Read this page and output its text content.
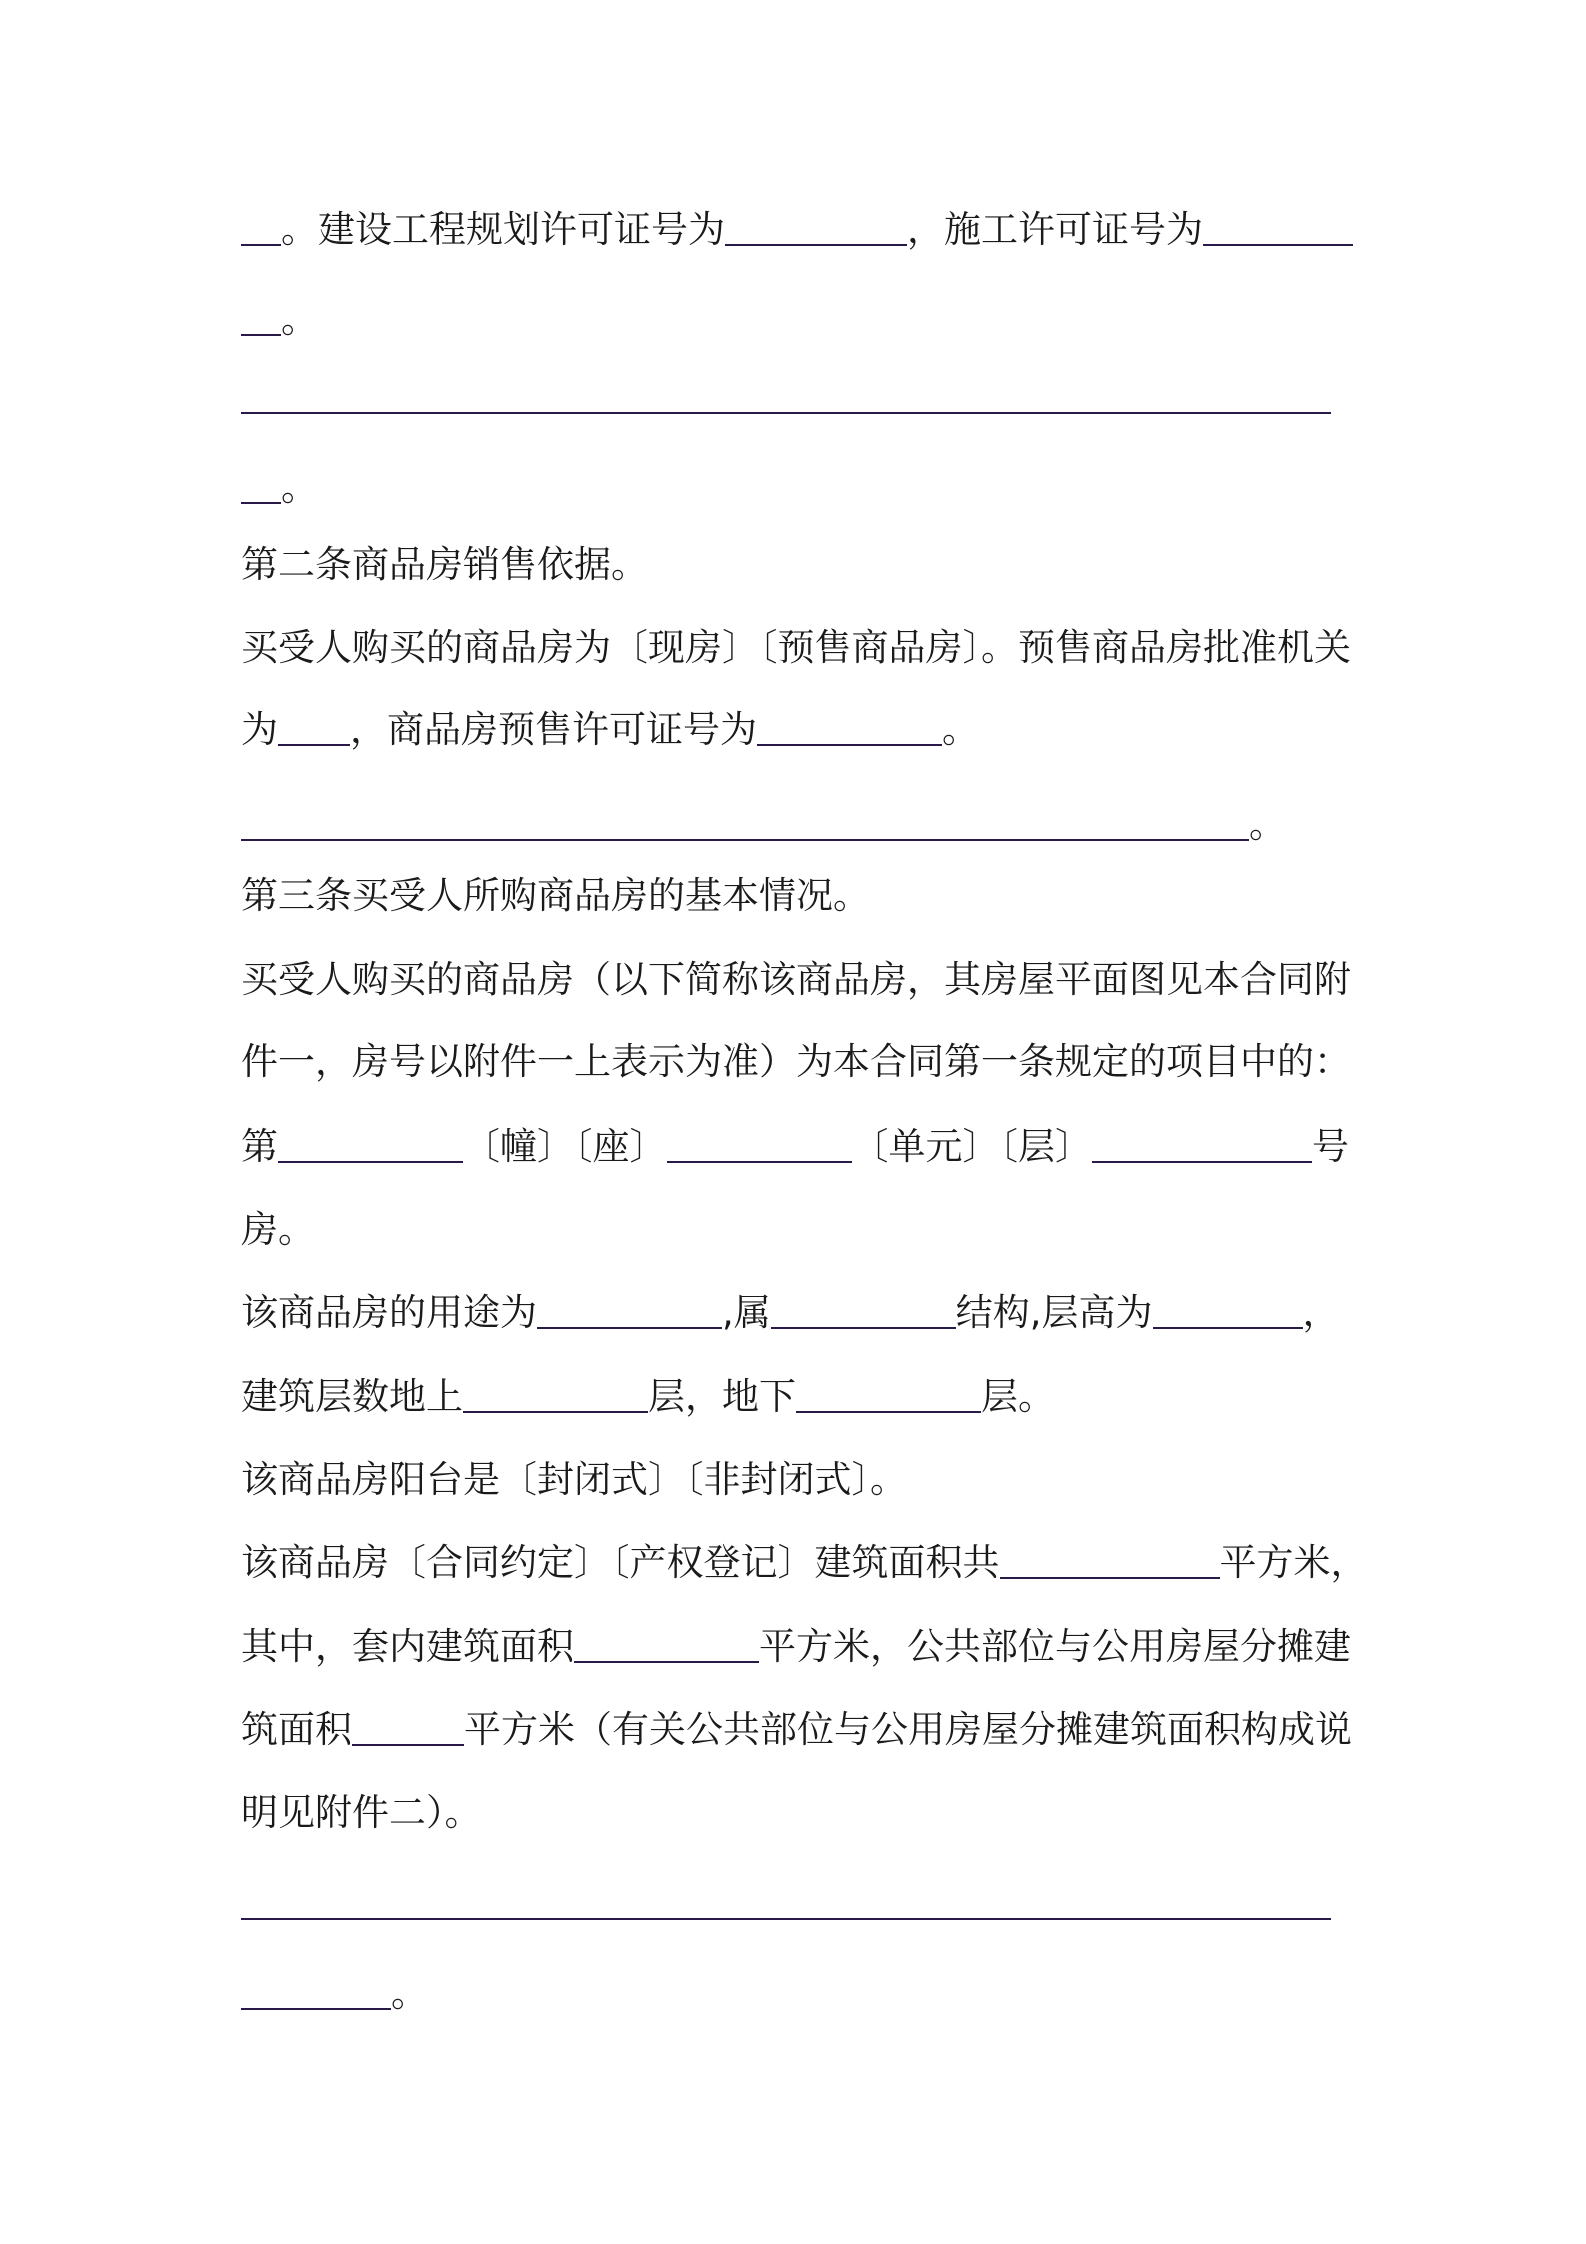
。建设工程规划许可证号为	，施工许可证号为
。
。
第二条商品房销售依据。
买受人购买的商品房为〔现房〕〔预售商品房〕。预售商品房批准机关
为 ，商品房预售许可证号为	。
。
第三条买受人所购商品房的基本情况。
买受人购买的商品房（以下简称该商品房，其房屋平面图见本合同附
件一，房号以附件一上表示为准）为本合同第一条规定的项目中的：
第	〔幢〕〔座〕	〔单元〕〔层〕	号
房。
该商品房的用途为	,属	结构,层高为	，
建筑层数地上	层，地下	层。
该商品房阳台是〔封闭式〕〔非封闭式〕。
该商品房〔合同约定〕〔产权登记〕建筑面积共	平方米，
其中，套内建筑面积	平方米，公共部位与公用房屋分摊建
筑面积	平方米（有关公共部位与公用房屋分摊建筑面积构成说
明见附件二）。
。
